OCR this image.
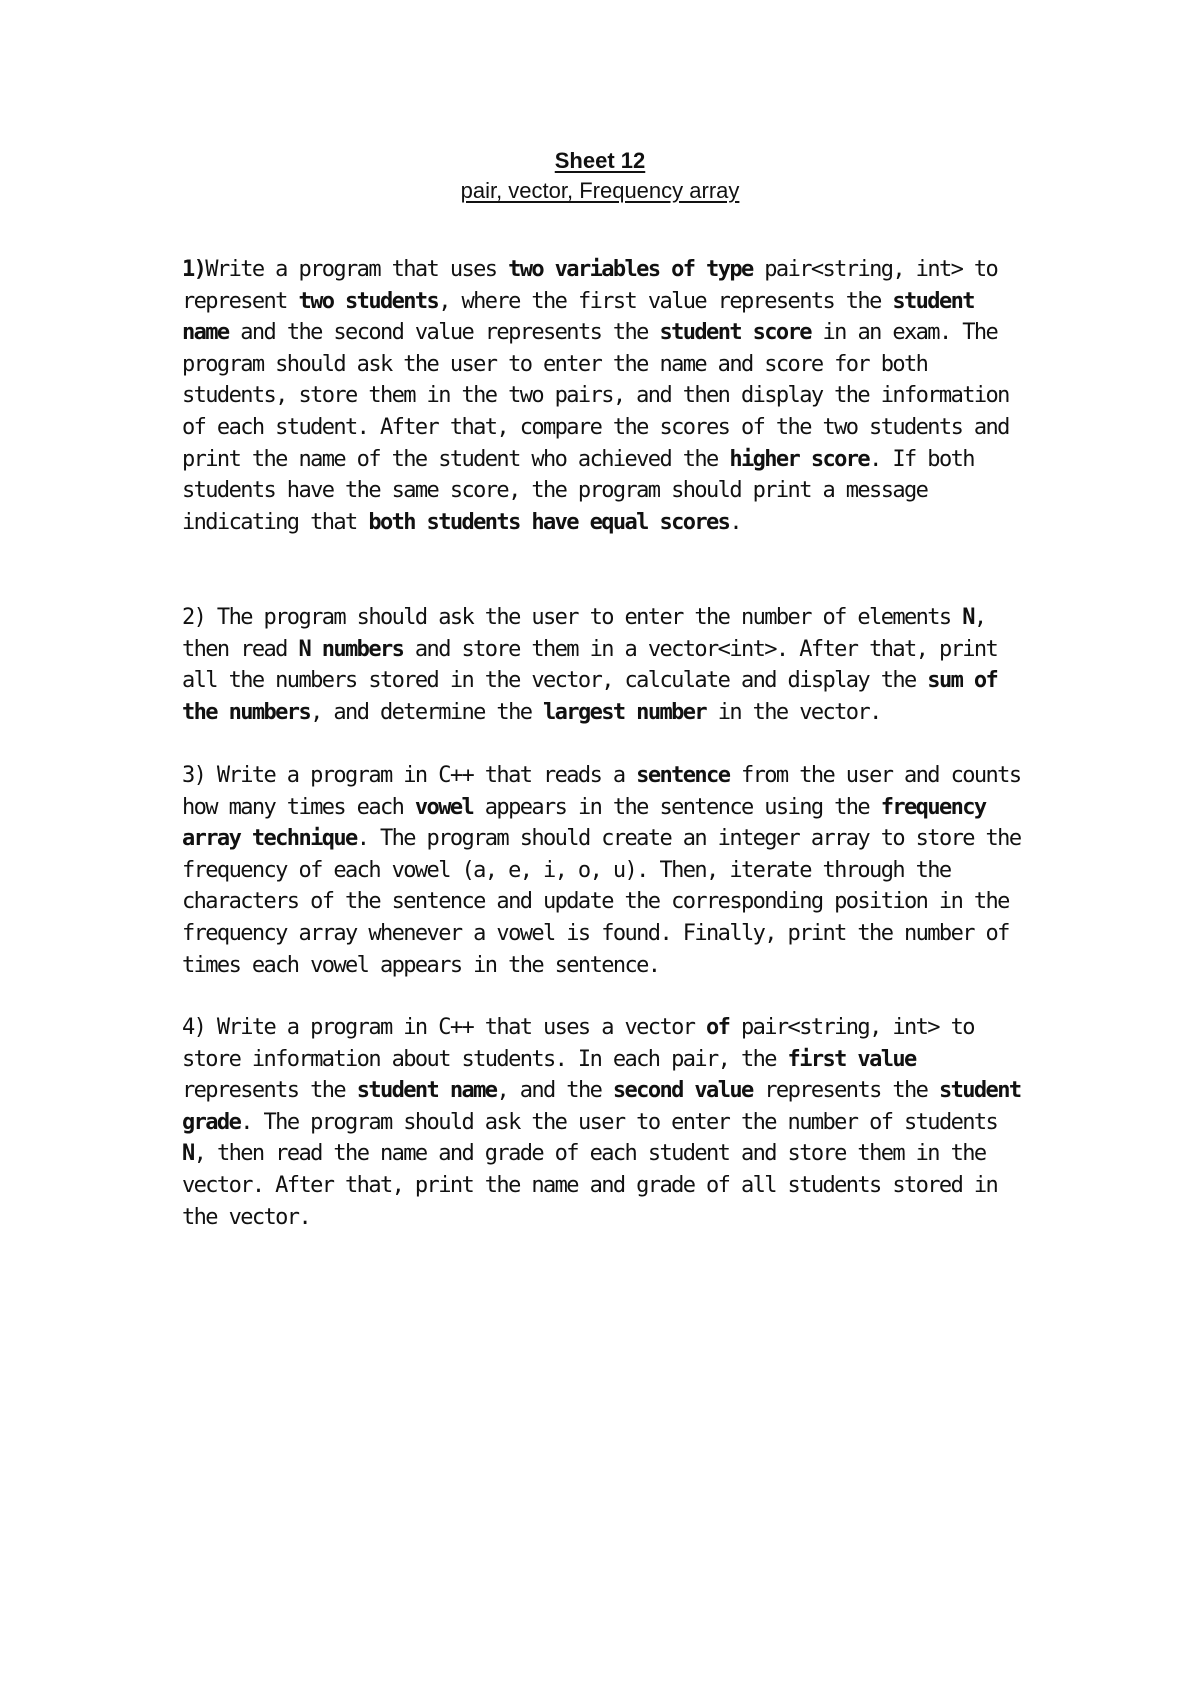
Sheet 12
pair, vector, Frequency array

1)Write a program that uses two variables of type pair<string, int> to represent two students, where the first value represents the student name and the second value represents the student score in an exam. The program should ask the user to enter the name and score for both students, store them in the two pairs, and then display the information of each student. After that, compare the scores of the two students and print the name of the student who achieved the higher score. If both students have the same score, the program should print a message indicating that both students have equal scores.

2) The program should ask the user to enter the number of elements N, then read N numbers and store them in a vector<int>. After that, print all the numbers stored in the vector, calculate and display the sum of the numbers, and determine the largest number in the vector.

3) Write a program in C++ that reads a sentence from the user and counts how many times each vowel appears in the sentence using the frequency array technique. The program should create an integer array to store the frequency of each vowel (a, e, i, o, u). Then, iterate through the characters of the sentence and update the corresponding position in the frequency array whenever a vowel is found. Finally, print the number of times each vowel appears in the sentence.

4) Write a program in C++ that uses a vector of pair<string, int> to store information about students. In each pair, the first value represents the student name, and the second value represents the student grade. The program should ask the user to enter the number of students N, then read the name and grade of each student and store them in the vector. After that, print the name and grade of all students stored in the vector.
